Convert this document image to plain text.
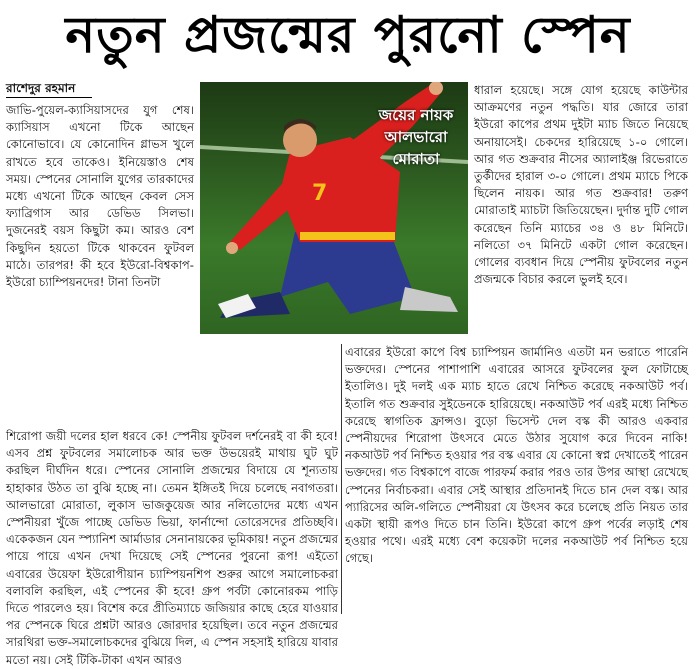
নতুন প্রজন্মের পুরনো স্পেন
রাশেদুর রহমান

জাভি-পুয়েল-ক্যাসিয়াসদের যুগ শেষ। ক্যাসিয়াস এখনো টিকে আছেন কোনোভাবে। যে কোনোদিন গ্লাভস খুলে রাখতে হবে তাকেও। ইনিয়েস্তাও শেষ সময়। স্পেনের সোনালি যুগের তারকাদের মধ্যে এখনো টিকে আছেন কেবল সেস ফ্যাব্রিগাস আর ডেভিড সিলভা। দুজনেরই বয়স কিছুটা কম। আরও বেশ কিছুদিন হয়তো টিকে থাকবেন ফুটবল মাঠে। তারপর! কী হবে ইউরো-বিশ্বকাপ-ইউরো চ্যাম্পিয়নদের! টানা তিনটা

7
জয়ের নায়ক আলভারো মোরাতা

ধারাল হয়েছে। সঙ্গে যোগ হয়েছে কাউন্টার আক্রমণের নতুন পদ্ধতি। যার জোরে তারা ইউরো কাপের প্রথম দুইটা ম্যাচ জিতে নিয়েছে অনায়াসেই। চেকদের হারিয়েছে ১-০ গোলে। আর গত শুক্রবার নীসের অ্যালাইঞ্জ রিভেরাতে তুর্কীদের হারাল ৩-০ গোলে। প্রথম ম্যাচে পিকে ছিলেন নায়ক। আর গত শুক্রবার! তরুণ মোরাতাই ম্যাচটা জিতিয়েছেন। দুর্দান্ত দুটি গোল করেছেন তিনি ম্যাচের ৩৪ ও ৪৮ মিনিটে। নলিতো ৩৭ মিনিটে একটা গোল করেছেন। গোলের ব্যবধান দিয়ে স্পেনীয় ফুটবলের নতুন প্রজন্মকে বিচার করলে ভুলই হবে।

শিরোপা জয়ী দলের হাল ধরবে কে! স্পেনীয় ফুটবল দর্শনেরই বা কী হবে! এসব প্রশ্ন ফুটবলের সমালোচক আর ভক্ত উভয়েরই মাথায় ঘুট ঘুট করছিল দীর্ঘদিন ধরে। স্পেনের সোনালি প্রজন্মের বিদায়ে যে শূন্যতায় হাহাকার উঠত তা বুঝি হচ্ছে না। তেমন ইঙ্গিতই দিয়ে চলেছে নবাগতরা। আলভারো মোরাতা, লুকাস ভাজকুয়েজ আর নলিতোদের মধ্যে এখন স্পেনীয়রা খুঁজে পাচ্ছে ডেভিড ভিয়া, ফার্নান্দো তোরেসদের প্রতিচ্ছবি। একেকজন যেন স্প্যানিশ আর্মাডার সেনানায়কের ভূমিকায়! নতুন প্রজন্মের পায়ে পায়ে এখন দেখা দিয়েছে সেই স্পেনের পুরনো রূপ! এইতো এবারের উয়েফা ইউরোপীয়ান চ্যাম্পিয়নশিপ শুরুর আগে সমালোচকরা বলাবলি করছিল, এই স্পেনের কী হবে! গ্রুপ পর্বটা কোনোরকম পাড়ি দিতে পারলেও হয়। বিশেষ করে প্রীতিম্যাচে জজিয়ার কাছে হেরে যাওয়ার পর স্পেনকে ঘিরে প্রশ্নটা আরও জোরদার হয়েছিল। তবে নতুন প্রজন্মের সারথিরা ভক্ত-সমালোচকদের বুঝিয়ে দিল, এ স্পেন সহসাই হারিয়ে যাবার মতো নয়। সেই টিকি-টাকা এখন আরও

এবারের ইউরো কাপে বিশ্ব চ্যাম্পিয়ন জার্মানিও এতটা মন ভরাতে পারেনি ভক্তদের। স্পেনের পাশাপাশি এবারের আসরে ফুটবলের ফুল ফোটাচ্ছে ইতালিও। দুই দলই এক ম্যাচ হাতে রেখে নিশ্চিত করেছে নকআউট পর্ব। ইতালি গত শুক্রবার সুইডেনকে হারিয়েছে। নকআউট পর্ব এরই মধ্যে নিশ্চিত করেছে স্বাগতিক ফ্রান্সও। বুড়ো ভিসেন্ট দেল বস্ক কী আরও একবার স্পেনীয়দের শিরোপা উৎসবে মেতে উঠার সুযোগ করে দিবেন নাকি! নকআউট পর্ব নিশ্চিত হওয়ার পর বস্ক এবার যে কোনো স্বপ্ন দেখাতেই পারেন ভক্তদের। গত বিশ্বকাপে বাজে পারফর্ম করার পরও তার উপর আস্থা রেখেছে স্পেনের নির্বাচকরা। এবার সেই আস্থার প্রতিদানই দিতে চান দেল বস্ক। আর প্যারিসের অলি-গলিতে স্পেনীয়রা যে উৎসব করে চলেছে প্রতি নিয়ত তার একটা স্থায়ী রূপও দিতে চান তিনি। ইউরো কাপে গ্রুপ পর্বের লড়াই শেষ হওয়ার পথে। এরই মধ্যে বেশ কয়েকটা দলের নকআউট পর্ব নিশ্চিত হয়ে গেছে।
